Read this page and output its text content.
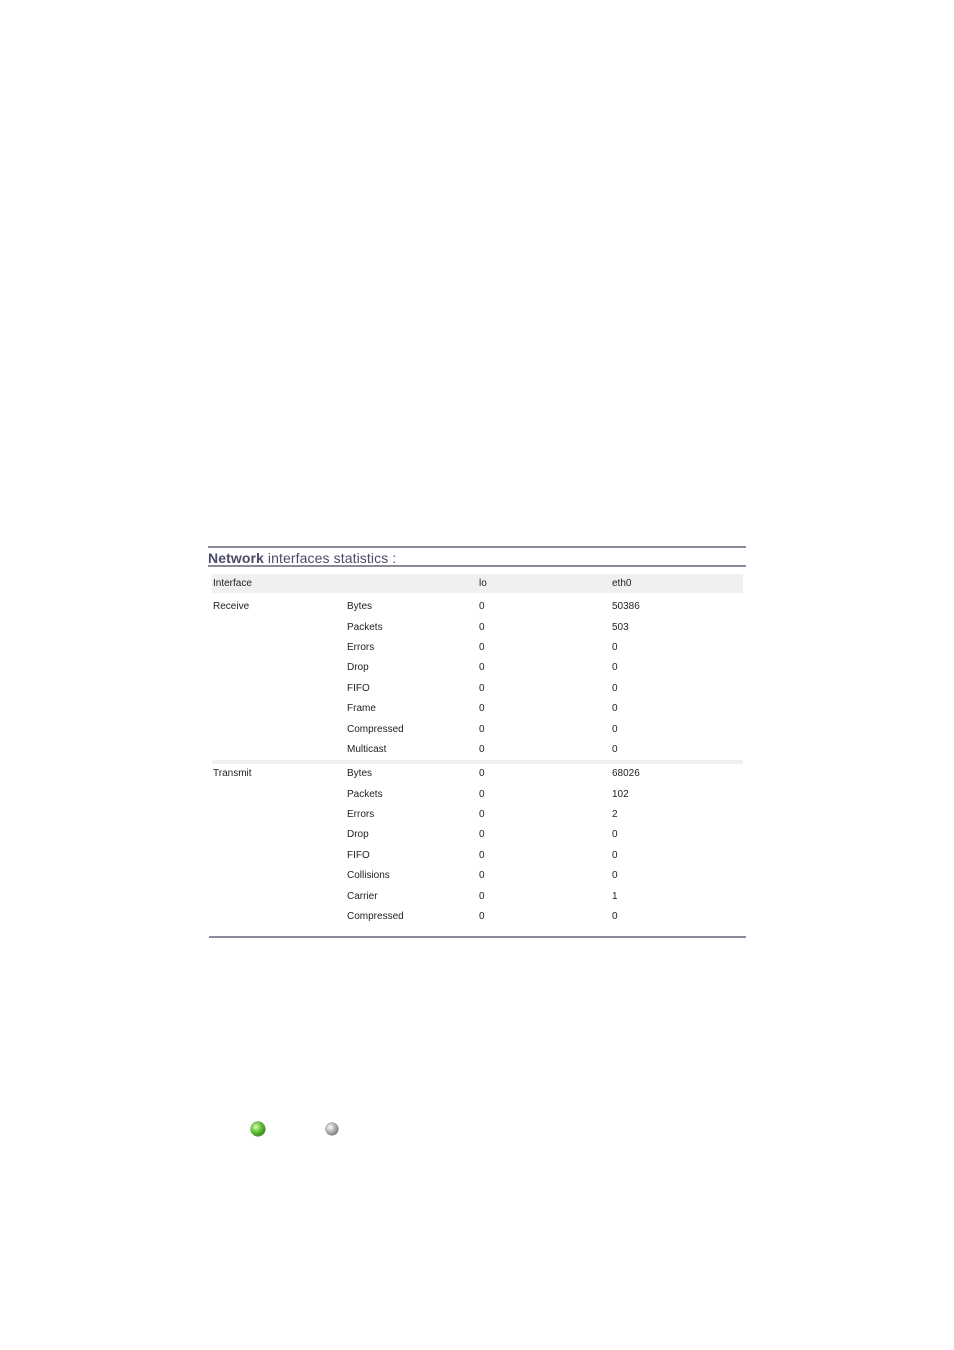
Network interfaces statistics :
Interface		lo	eth0

Receive	Bytes	0	50386
	Packets	0	503
	Errors	0	0
	Drop	0	0
	FIFO	0	0
	Frame	0	0
	Compressed	0	0
	Multicast	0	0

Transmit	Bytes	0	68026
	Packets	0	102
	Errors	0	2
	Drop	0	0
	FIFO	0	0
	Collisions	0	0
	Carrier	0	1
	Compressed	0	0
